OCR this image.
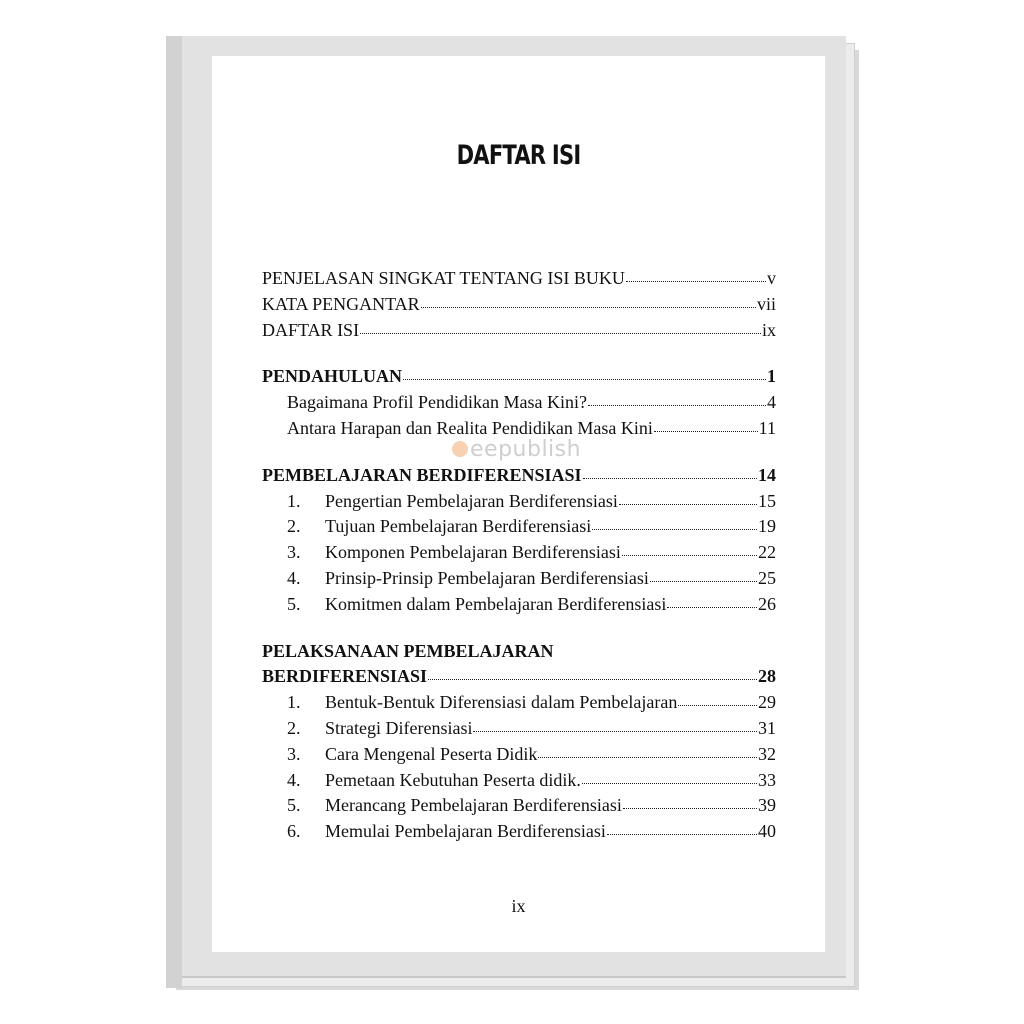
DAFTAR ISI
PENJELASAN SINGKAT TENTANG ISI BUKU	v
KATA PENGANTAR	vii
DAFTAR ISI	ix
PENDAHULUAN	1
Bagaimana Profil Pendidikan Masa Kini?	4
Antara Harapan dan Realita Pendidikan Masa Kini	11
PEMBELAJARAN BERDIFERENSIASI	14
1.	Pengertian Pembelajaran Berdiferensiasi	15
2.	Tujuan Pembelajaran Berdiferensiasi	19
3.	Komponen Pembelajaran Berdiferensiasi	22
4.	Prinsip-Prinsip Pembelajaran Berdiferensiasi	25
5.	Komitmen dalam Pembelajaran Berdiferensiasi	26
PELAKSANAAN PEMBELAJARAN
BERDIFERENSIASI	28
1.	Bentuk-Bentuk Diferensiasi dalam Pembelajaran	29
2.	Strategi Diferensiasi	31
3.	Cara Mengenal Peserta Didik	32
4.	Pemetaan Kebutuhan Peserta didik.	33
5.	Merancang Pembelajaran Berdiferensiasi	39
6.	Memulai Pembelajaran Berdiferensiasi	40
ix
eepublish
